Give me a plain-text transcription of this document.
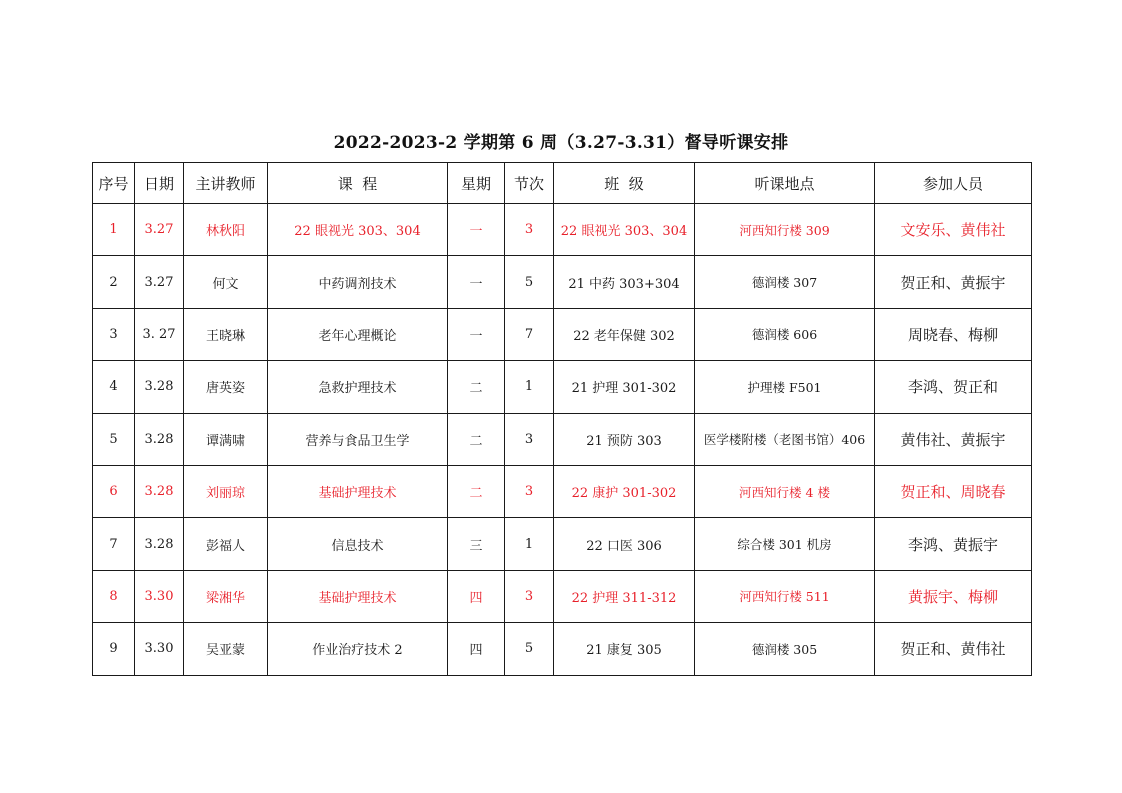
2022-2023-2 学期第 6 周（3.27-3.31）督导听课安排
序号	日期	主讲教师	课  程	星期	节次	班  级	听课地点	参加人员
1	3.27	林秋阳	22 眼视光 303、304	一	3	22 眼视光 303、304	河西知行楼 309	文安乐、黄伟社
2	3.27	何文	中药调剂技术	一	5	21 中药 303+304	德润楼 307	贺正和、黄振宇
3	3. 27	王晓琳	老年心理概论	一	7	22 老年保健 302	德润楼 606	周晓春、梅柳
4	3.28	唐英姿	急救护理技术	二	1	21 护理 301-302	护理楼 F501	李鸿、贺正和
5	3.28	谭满啸	营养与食品卫生学	二	3	21 预防 303	医学楼附楼（老图书馆）406	黄伟社、黄振宇
6	3.28	刘丽琼	基础护理技术	二	3	22 康护 301-302	河西知行楼 4 楼	贺正和、周晓春
7	3.28	彭福人	信息技术	三	1	22 口医 306	综合楼 301 机房	李鸿、黄振宇
8	3.30	梁湘华	基础护理技术	四	3	22 护理 311-312	河西知行楼 511	黄振宇、梅柳
9	3.30	吴亚蒙	作业治疗技术 2	四	5	21 康复 305	德润楼 305	贺正和、黄伟社
